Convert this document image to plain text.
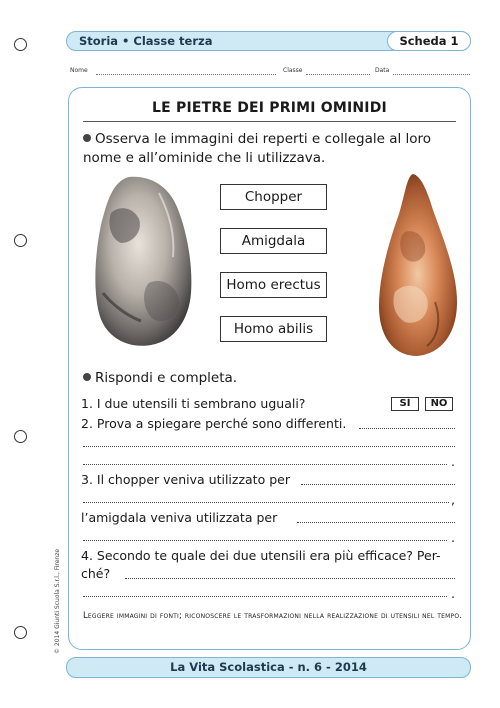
Storia • Classe terza	Scheda 1
Nome	Classe	Data
LE PIETRE DEI PRIMI OMINIDI
Osserva le immagini dei reperti e collegale al loro nome e all’ominide che li utilizzava.
Chopper
Amigdala
Homo erectus
Homo abilis
Rispondi e completa.
1. I due utensili ti sembrano uguali?	SÌ	NO
2. Prova a spiegare perché sono differenti.
.
3. Il chopper veniva utilizzato per
,
l’amigdala veniva utilizzata per
.
4. Secondo te quale dei due utensili era più efficace? Per-
ché?
.
Leggere immagini di fonti; riconoscere le trasformazioni nella realizzazione di utensili nel tempo.
© 2014 Giunti Scuola S.r.l., Firenze
La Vita Scolastica - n. 6 - 2014
